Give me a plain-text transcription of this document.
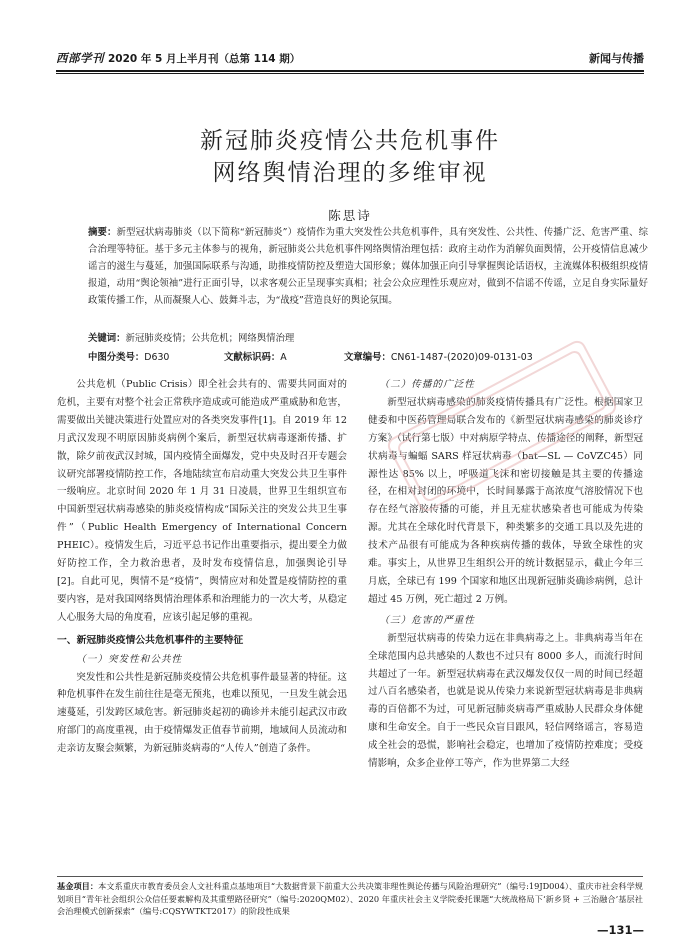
西部学刊 2020 年 5 月上半月刊（总第 114 期）	新闻与传播
新冠肺炎疫情公共危机事件
网络舆情治理的多维审视
陈思诗
摘要：新型冠状病毒肺炎（以下简称“新冠肺炎”）疫情作为重大突发性公共危机事件，具有突发性、公共性、传播广泛、危害严重、综合治理等特征。基于多元主体参与的视角，新冠肺炎公共危机事件网络舆情治理包括：政府主动作为消解负面舆情，公开疫情信息减少谣言的滋生与蔓延，加强国际联系与沟通，助推疫情防控及塑造大国形象；媒体加强正向引导掌握舆论话语权，主流媒体积极组织疫情报道，动用“舆论领袖”进行正面引导，以求客观公正呈现事实真相；社会公众应理性乐观应对，做到不信谣不传谣，立足自身实际量好政策传播工作，从而凝聚人心、鼓舞斗志，为“战疫”营造良好的舆论氛围。
关键词：新冠肺炎疫情；公共危机；网络舆情治理
中图分类号：D630	文献标识码：A	文章编号：CN61-1487-(2020)09-0131-03

公共危机（Public Crisis）即全社会共有的、需要共同面对的危机，主要有对整个社会正常秩序造成或可能造成严重威胁和危害，需要做出关键决策进行处置应对的各类突发事件[1]。自 2019 年 12 月武汉发现不明原因肺炎病例个案后，新型冠状病毒逐渐传播、扩散，除夕前夜武汉封城，国内疫情全面爆发，党中央及时召开专题会议研究部署疫情防控工作，各地陆续宣布启动重大突发公共卫生事件一级响应。北京时间 2020 年 1 月 31 日凌晨，世界卫生组织宣布中国新型冠状病毒感染的肺炎疫情构成“国际关注的突发公共卫生事件”（Public Health Emergency of International Concern PHEIC）。疫情发生后，习近平总书记作出重要指示，提出要全力做好防控工作，全力救治患者，及时发布疫情信息，加强舆论引导[2]。自此可见，舆情不是“疫情”，舆情应对和处置是疫情防控的重要内容，是对我国网络舆情治理体系和治理能力的一次大考，从稳定人心服务大局的角度看，应该引起足够的重视。

一、新冠肺炎疫情公共危机事件的主要特征

（一）突发性和公共性

突发性和公共性是新冠肺炎疫情公共危机事件最显著的特征。这种危机事件在发生前往往是毫无预兆，也难以预见，一旦发生就会迅速蔓延，引发跨区域危害。新冠肺炎起初的确诊并未能引起武汉市政府部门的高度重视，由于疫情爆发正值春节前期，地域间人员流动和走亲访友聚会频繁，为新冠肺炎病毒的“人传人”创造了条件。

（二）传播的广泛性

新型冠状病毒感染的肺炎疫情传播具有广泛性。根据国家卫健委和中医药管理局联合发布的《新型冠状病毒感染的肺炎诊疗方案》（试行第七版）中对病原学特点、传播途径的阐释，新型冠状病毒与蝙蝠 SARS 样冠状病毒（bat—SL — CoVZC45）同源性达 85% 以上，呼吸道飞沫和密切接触是其主要的传播途径，在相对封闭的环境中，长时间暴露于高浓度气溶胶情况下也存在经气溶胶传播的可能，并且无症状感染者也可能成为传染源。尤其在全球化时代背景下，种类繁多的交通工具以及先进的技术产品很有可能成为各种疾病传播的载体，导致全球性的灾难。事实上，从世界卫生组织公开的统计数据显示，截止今年三月底，全球已有 199 个国家和地区出现新冠肺炎确诊病例，总计超过 45 万例，死亡超过 2 万例。

（三）危害的严重性

新型冠状病毒的传染力远在非典病毒之上。非典病毒当年在全球范围内总共感染的人数也不过只有 8000 多人，而流行时间共超过了一年。新型冠状病毒在武汉爆发仅仅一周的时间已经超过八百名感染者，也就是说从传染力来说新型冠状病毒是非典病毒的百倍都不为过，可见新冠肺炎病毒严重威胁人民群众身体健康和生命安全。自于一些民众盲目跟风，轻信网络谣言，容易造成全社会的恐慌，影响社会稳定，也增加了疫情防控难度；受疫情影响，众多企业停工等产，作为世界第二大经

基金项目：本文系重庆市教育委员会人文社科重点基地项目“大数据背景下前重大公共决策非理性舆论传播与风险治理研究”（编号:19JD004）、重庆市社会科学规划项目“青年社会组织公众信任要素解构及其重塑路径研究”（编号:2020QM02）、2020 年重庆社会主义学院委托课题“大统战格局下‘新乡贤 + 三治融合’基层社会治理模式创新探索”（编号:CQSYWTKT2017）的阶段性成果
—131—
